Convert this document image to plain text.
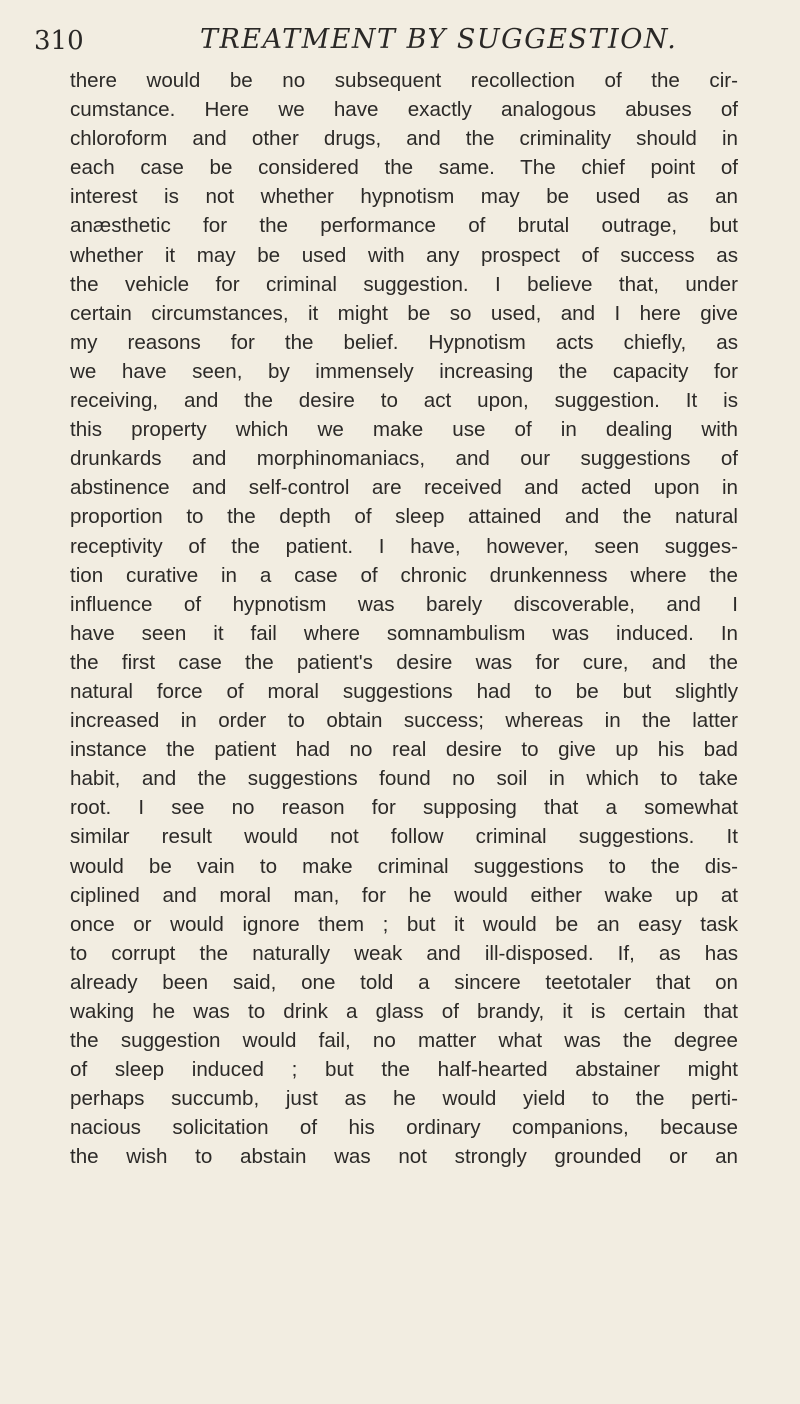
310	TREATMENT BY SUGGESTION.
there would be no subsequent recollection of the cir-
cumstance. Here we have exactly analogous abuses of
chloroform and other drugs, and the criminality should in
each case be considered the same. The chief point of
interest is not whether hypnotism may be used as an
anæsthetic for the performance of brutal outrage, but
whether it may be used with any prospect of success as
the vehicle for criminal suggestion. I believe that, under
certain circumstances, it might be so used, and I here give
my reasons for the belief. Hypnotism acts chiefly, as
we have seen, by immensely increasing the capacity for
receiving, and the desire to act upon, suggestion. It is
this property which we make use of in dealing with
drunkards and morphinomaniacs, and our suggestions of
abstinence and self-control are received and acted upon in
proportion to the depth of sleep attained and the natural
receptivity of the patient. I have, however, seen sugges-
tion curative in a case of chronic drunkenness where the
influence of hypnotism was barely discoverable, and I
have seen it fail where somnambulism was induced. In
the first case the patient's desire was for cure, and the
natural force of moral suggestions had to be but slightly
increased in order to obtain success; whereas in the latter
instance the patient had no real desire to give up his bad
habit, and the suggestions found no soil in which to take
root. I see no reason for supposing that a somewhat
similar result would not follow criminal suggestions. It
would be vain to make criminal suggestions to the dis-
ciplined and moral man, for he would either wake up at
once or would ignore them ; but it would be an easy task
to corrupt the naturally weak and ill-disposed. If, as has
already been said, one told a sincere teetotaler that on
waking he was to drink a glass of brandy, it is certain that
the suggestion would fail, no matter what was the degree
of sleep induced ; but the half-hearted abstainer might
perhaps succumb, just as he would yield to the perti-
nacious solicitation of his ordinary companions, because
the wish to abstain was not strongly grounded or an
